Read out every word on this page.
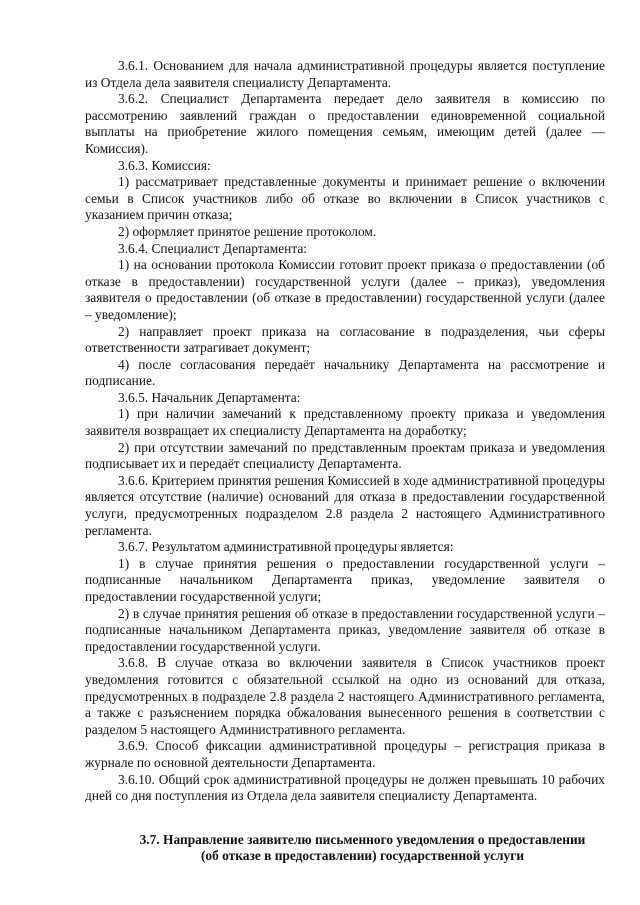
3.6.1. Основанием для начала административной процедуры является поступление из Отдела дела заявителя специалисту Департамента.

3.6.2. Специалист Департамента передает дело заявителя в комиссию по рассмотрению заявлений граждан о предоставлении единовременной социальной выплаты на приобретение жилого помещения семьям, имеющим детей (далее — Комиссия).

3.6.3. Комиссия:

1) рассматривает представленные документы и принимает решение о включении семьи в Список участников либо об отказе во включении в Список участников с указанием причин отказа;

2) оформляет принятое решение протоколом.

3.6.4. Специалист Департамента:

1) на основании протокола Комиссии готовит проект приказа о предоставлении (об отказе в предоставлении) государственной услуги (далее – приказ), уведомления заявителя о предоставлении (об отказе в предоставлении) государственной услуги (далее – уведомление);

2) направляет проект приказа на согласование в подразделения, чьи сферы ответственности затрагивает документ;

4) после согласования передаёт начальнику Департамента на рассмотрение и подписание.

3.6.5. Начальник Департамента:

1) при наличии замечаний к представленному проекту приказа и уведомления заявителя возвращает их специалисту Департамента на доработку;

2) при отсутствии замечаний по представленным проектам приказа и уведомления подписывает их и передаёт специалисту Департамента.

3.6.6. Критерием принятия решения Комиссией в ходе административной процедуры является отсутствие (наличие) оснований для отказа в предоставлении государственной услуги, предусмотренных подразделом 2.8 раздела 2 настоящего Административного регламента.

3.6.7. Результатом административной процедуры является:

1) в случае принятия решения о предоставлении государственной услуги – подписанные начальником Департамента приказ, уведомление заявителя о предоставлении государственной услуги;

2) в случае принятия решения об отказе в предоставлении государственной услуги – подписанные начальником Департамента приказ, уведомление заявителя об отказе в предоставлении государственной услуги.

3.6.8. В случае отказа во включении заявителя в Список участников проект уведомления готовится с обязательной ссылкой на одно из оснований для отказа, предусмотренных в подразделе 2.8 раздела 2 настоящего Административного регламента, а также с разъяснением порядка обжалования вынесенного решения в соответствии с разделом 5 настоящего Административного регламента.

3.6.9. Способ фиксации административной процедуры – регистрация приказа в журнале по основной деятельности Департамента.

3.6.10. Общий срок административной процедуры не должен превышать 10 рабочих дней со дня поступления из Отдела дела заявителя специалисту Департамента.

3.7. Направление заявителю письменного уведомления о предоставлении
(об отказе в предоставлении) государственной услуги
